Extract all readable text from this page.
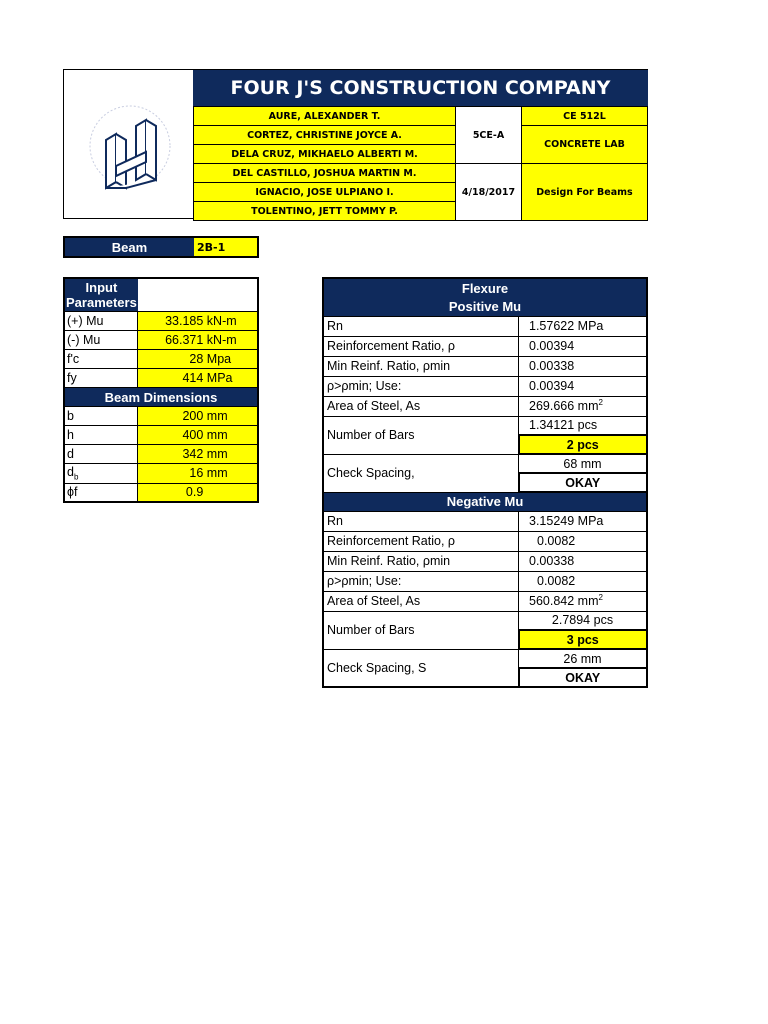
FOUR J'S CONSTRUCTION COMPANY
AURE, ALEXANDER T.	5CE-A	CE 512L
CORTEZ, CHRISTINE JOYCE A.		CONCRETE LAB
DELA CRUZ, MIKHAELO ALBERTI M.		
DEL CASTILLO, JOSHUA MARTIN M.	4/18/2017	Design For Beams
IGNACIO, JOSE ULPIANO I.		
TOLENTINO, JETT TOMMY P.		
Beam	2B-1
Input Parameters

(+) Mu	33.185 kN-m
(-) Mu	66.371 kN-m
f'c	28 Mpa
fy	414 MPa
Beam Dimensions	
b	200 mm
h	400 mm
d	342 mm
$d_b$	16 mm
ϕf	0.9
Flexure	
Positive Mu	
Rn	1.57622 MPa
Reinforcement Ratio, ρ	0.00394
Min Reinf. Ratio, ρmin	0.00338
ρ>ρmin; Use:	0.00394
Area of Steel, As	269.666 $mm^2$
Number of Bars	1.34121 pcs
	2 pcs
Check Spacing,	68 mm
	OKAY
Negative Mu	
Rn	3.15249 MPa
Reinforcement Ratio, ρ	0.0082
Min Reinf. Ratio, ρmin	0.00338
ρ>ρmin; Use:	0.0082
Area of Steel, As	560.842 $mm^2$
Number of Bars	2.7894 pcs
	3 pcs
Check Spacing, S	26 mm
	OKAY
